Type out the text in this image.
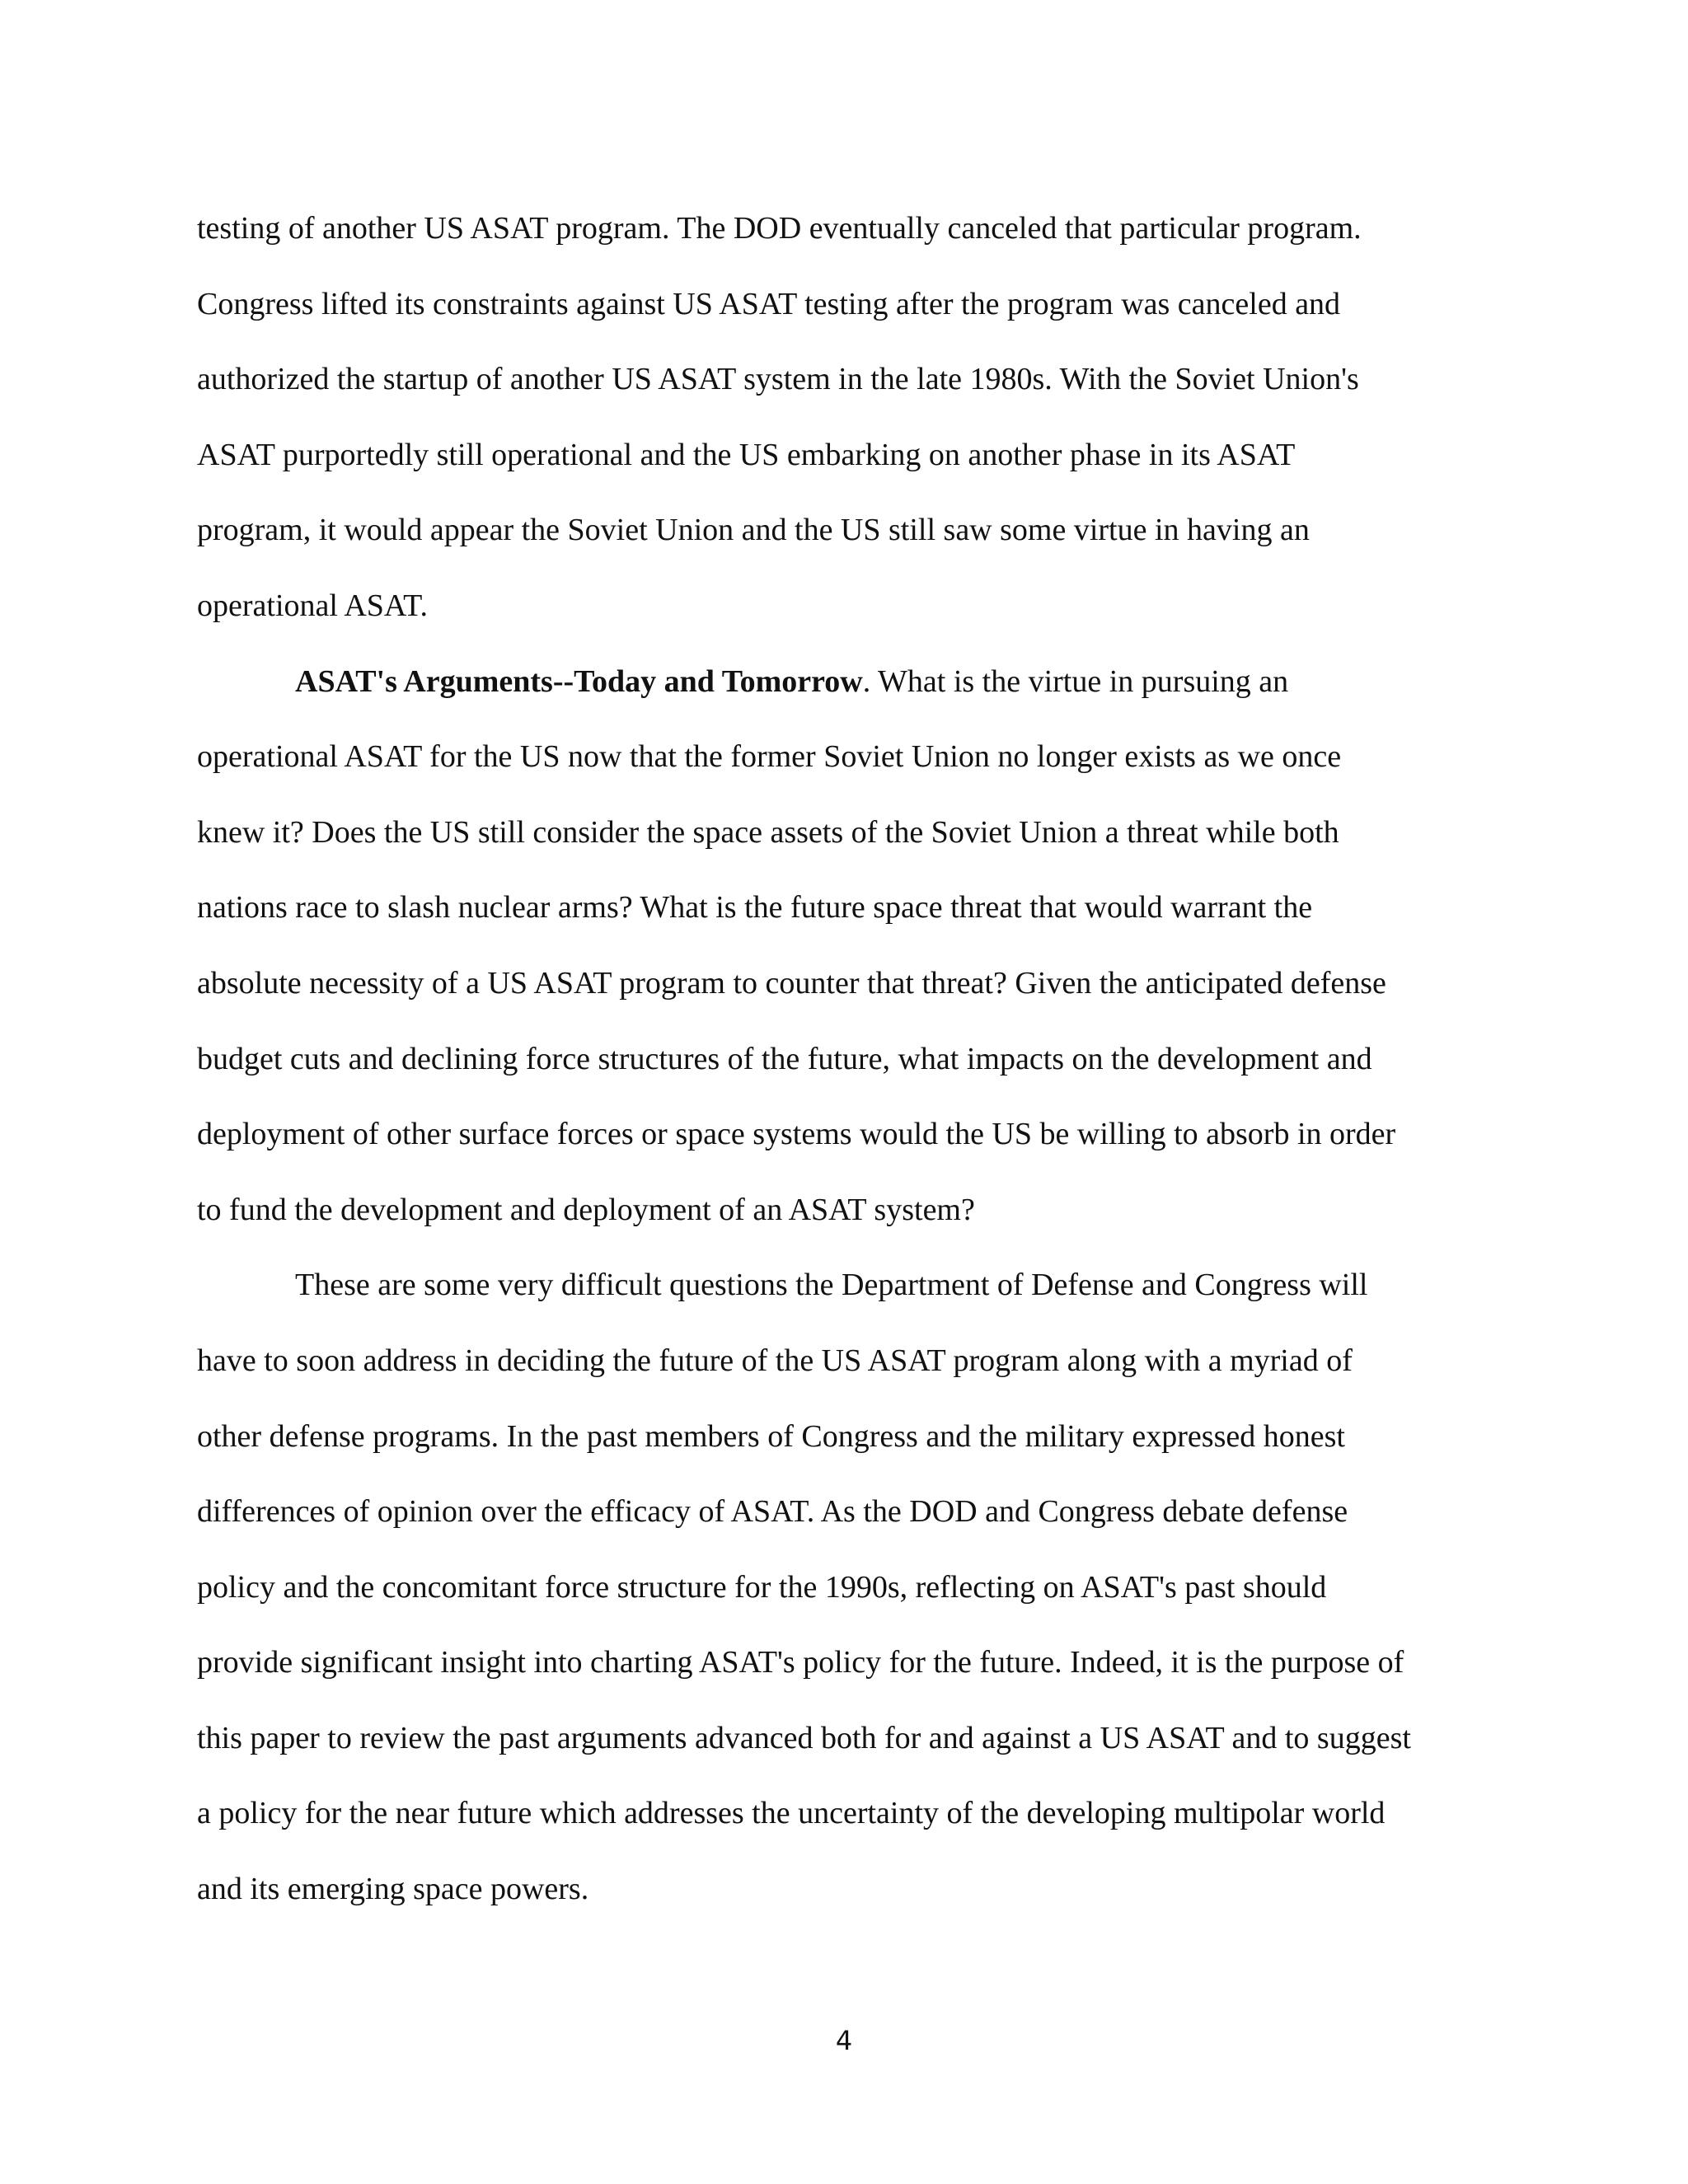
testing of another US ASAT program. The DOD eventually canceled that particular program.
Congress lifted its constraints against US ASAT testing after the program was canceled and
authorized the startup of another US ASAT system in the late 1980s. With the Soviet Union's
ASAT purportedly still operational and the US embarking on another phase in its ASAT
program, it would appear the Soviet Union and the US still saw some virtue in having an
operational ASAT.

ASAT's Arguments--Today and Tomorrow. What is the virtue in pursuing an
operational ASAT for the US now that the former Soviet Union no longer exists as we once
knew it? Does the US still consider the space assets of the Soviet Union a threat while both
nations race to slash nuclear arms? What is the future space threat that would warrant the
absolute necessity of a US ASAT program to counter that threat? Given the anticipated defense
budget cuts and declining force structures of the future, what impacts on the development and
deployment of other surface forces or space systems would the US be willing to absorb in order
to fund the development and deployment of an ASAT system?

These are some very difficult questions the Department of Defense and Congress will
have to soon address in deciding the future of the US ASAT program along with a myriad of
other defense programs. In the past members of Congress and the military expressed honest
differences of opinion over the efficacy of ASAT. As the DOD and Congress debate defense
policy and the concomitant force structure for the 1990s, reflecting on ASAT's past should
provide significant insight into charting ASAT's policy for the future. Indeed, it is the purpose of
this paper to review the past arguments advanced both for and against a US ASAT and to suggest
a policy for the near future which addresses the uncertainty of the developing multipolar world
and its emerging space powers.

4
